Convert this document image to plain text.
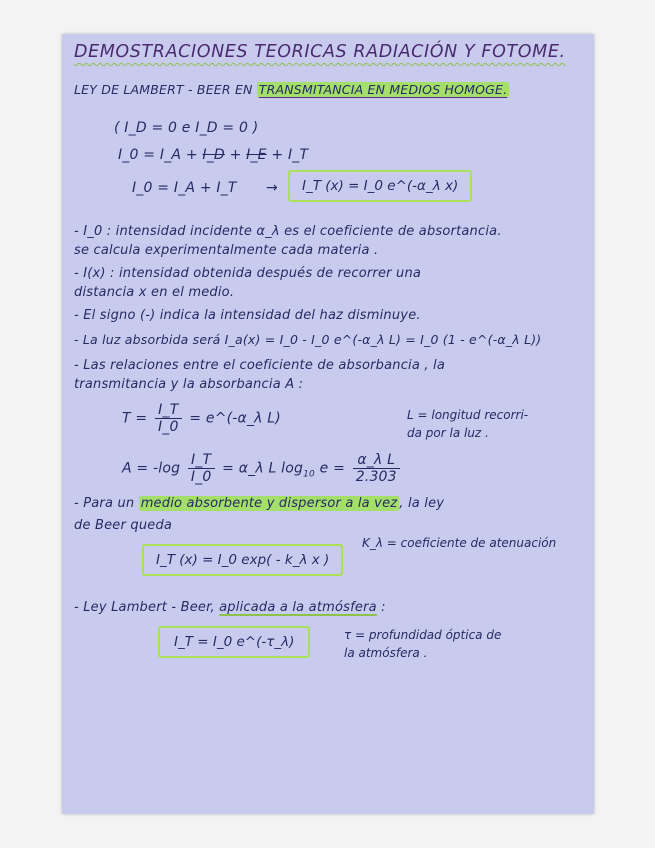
DEMOSTRACIONES TEORICAS RADIACIÓN Y FOTOME.
LEY DE LAMBERT - BEER EN TRANSMITANCIA EN MEDIOS HOMOGE.
( I_D = 0 e I_D = 0 )
I_0 = I_A + I_D + I_E + I_T
I_0 = I_A + I_T →	I_T (x) = I_0 e^(-α_λ x)
- I_0 : intensidad incidente α_λ es el coeficiente de absortancia.
se calcula experimentalmente cada materia .
- I(x) : intensidad obtenida después de recorrer una
distancia x en el medio.
- El signo (-) indica la intensidad del haz disminuye.
- La luz absorbida será I_a(x) = I_0 - I_0 e^(-α_λ L) = I_0 (1 - e^(-α_λ L))
- Las relaciones entre el coeficiente de absorbancia , la
transmitancia y la absorbancia A :
$T = \frac{I\_T}{I\_0}$ = e^(-α_λ L)	L = longitud recorri-
da por la luz .
$A = -\log \frac{I\_T}{I\_0}$ = α_λ L $\log_{10} e = \frac{\text{α\_λ L}}{2.303}$
- Para un medio absorbente y dispersor a la vez , la ley
de Beer queda
I_T (x) = I_0 exp( - k_λ x )
K_λ = coeficiente de atenuación
- Ley Lambert - Beer, aplicada a la atmósfera :
I_T = I_0 e^(-τ_λ)	τ = profundidad óptica de
la atmósfera .
